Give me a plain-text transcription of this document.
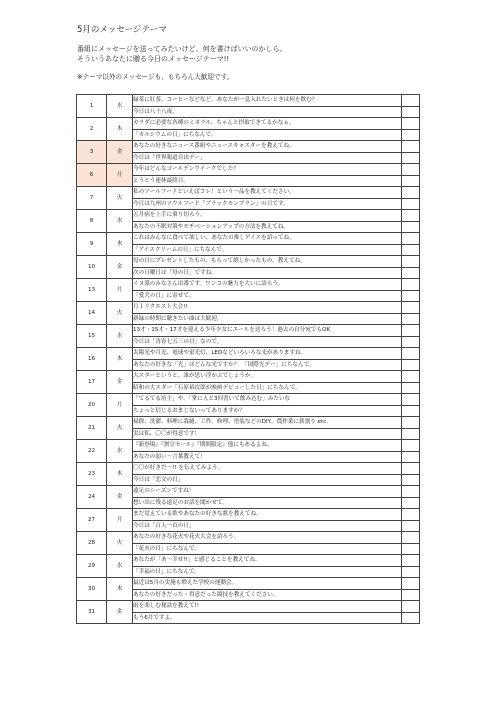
5月のメッセージテーマ
番組にメッセージを送ってみたいけど、何を書けばいいのかしら。
そういうあなたに贈る今日のメッセージテーマ!!
※テーマ以外のメッセージも、もちろん大歓迎です。
1	水	緑茶に紅茶、コーヒーなどなど。あなたが一息入れたいときは何を飲む？	
		今日は八十八夜。	
2	木	カラダに必要な各種のミネラル、ちゃんと摂取できてるかなぁ。	
		「カルシウムの日」にちなんで。	
3	金	あなたの好きなニュース番組やニュースキャスターを教えてね。	
		今日は「世界報道自由デー」	
6	月	今年はどんなゴールデンウイークでした？	
		とうとう連休最終日。	
7	火	私のソールフードといえばコレ！という一品を教えてください。	
		今日は九州のソウルフード「ブラックモンブラン」の日です。	
8	水	五月病を上手に乗り切ろう。	
		あなたの不眠対策やモチベーションアップの方法を教えてね。	
9	木	これはみんなに食べて欲しい、あなたの推しアイスを語ってね。	
		「アイスクリームの日」にちなんで。	
10	金	母の日にプレゼントしたもの、もらって嬉しかったもの、教えてね。	
		次の日曜日は「母の日」ですね。	
13	月	イヌ派のみなさん出番です。ワンコの魅力を大いに語ろう。	
		「愛犬の日」に寄せて。	
14	火	月１リクエスト大会!!	
		新緑の時期に聴きたい曲は大歓迎。	
15	水	13才・15才・17才を迎える少年少女にエールを送ろう！過去の自分宛でもOK	
		今日は「青春七五三の日」なので。	
16	木	太陽光や月光、電球や蛍光灯、LEDなどいろいろな光がありますね。	
		あなたの好きな「光」はどんな光ですか？　「国際光デー」にちなんで。	
17	金	大スターというと、誰が思い浮かぶでしょうか。	
		昭和の大スター「石原裕次郎が映画デビューした日」にちなんで。	
20	月	「てるてる坊主」や、「掌に人と3回書いて飲み込む」みたいな	
		ちょっと信じるおまじないってありますか？	
21	火	掃除、洗濯、料理に栽縫、工作、修理、塗装などのDIY。農作業に薪割り etc.	
		実は私、〇〇が得意です！	
22	水	『新登場』『割引セール』『期間限定』他にもあるよね。	
		あなたの弱い〜言葉教えて！	
23	木	〇〇が好きだ〜!! を伝えてみよう。	
		今日は「恋文の日」	
24	金	遠足のシーズンですね！	
		想い出に残る遠足のお話を聞かせて。	
27	月	まだ覚えている歌やあなたの好きな歌を教えてね。	
		今日は「百人一首の日」	
28	火	あなたの好きな花火や花火大会を語ろう。	
		「花火の日」にちなんで。	
29	水	あなたが「あ〜幸せ!!」と感じることを教えてね。	
		「幸福の日」にちなんで。	
30	木	最近は5月の実施も増えた学校の運動会。	
		あなたの好きだった・得意だった競技を教えてください。	
31	金	雨を楽しむ秘訣を教えて!!	
		もう6月ですよ。	
